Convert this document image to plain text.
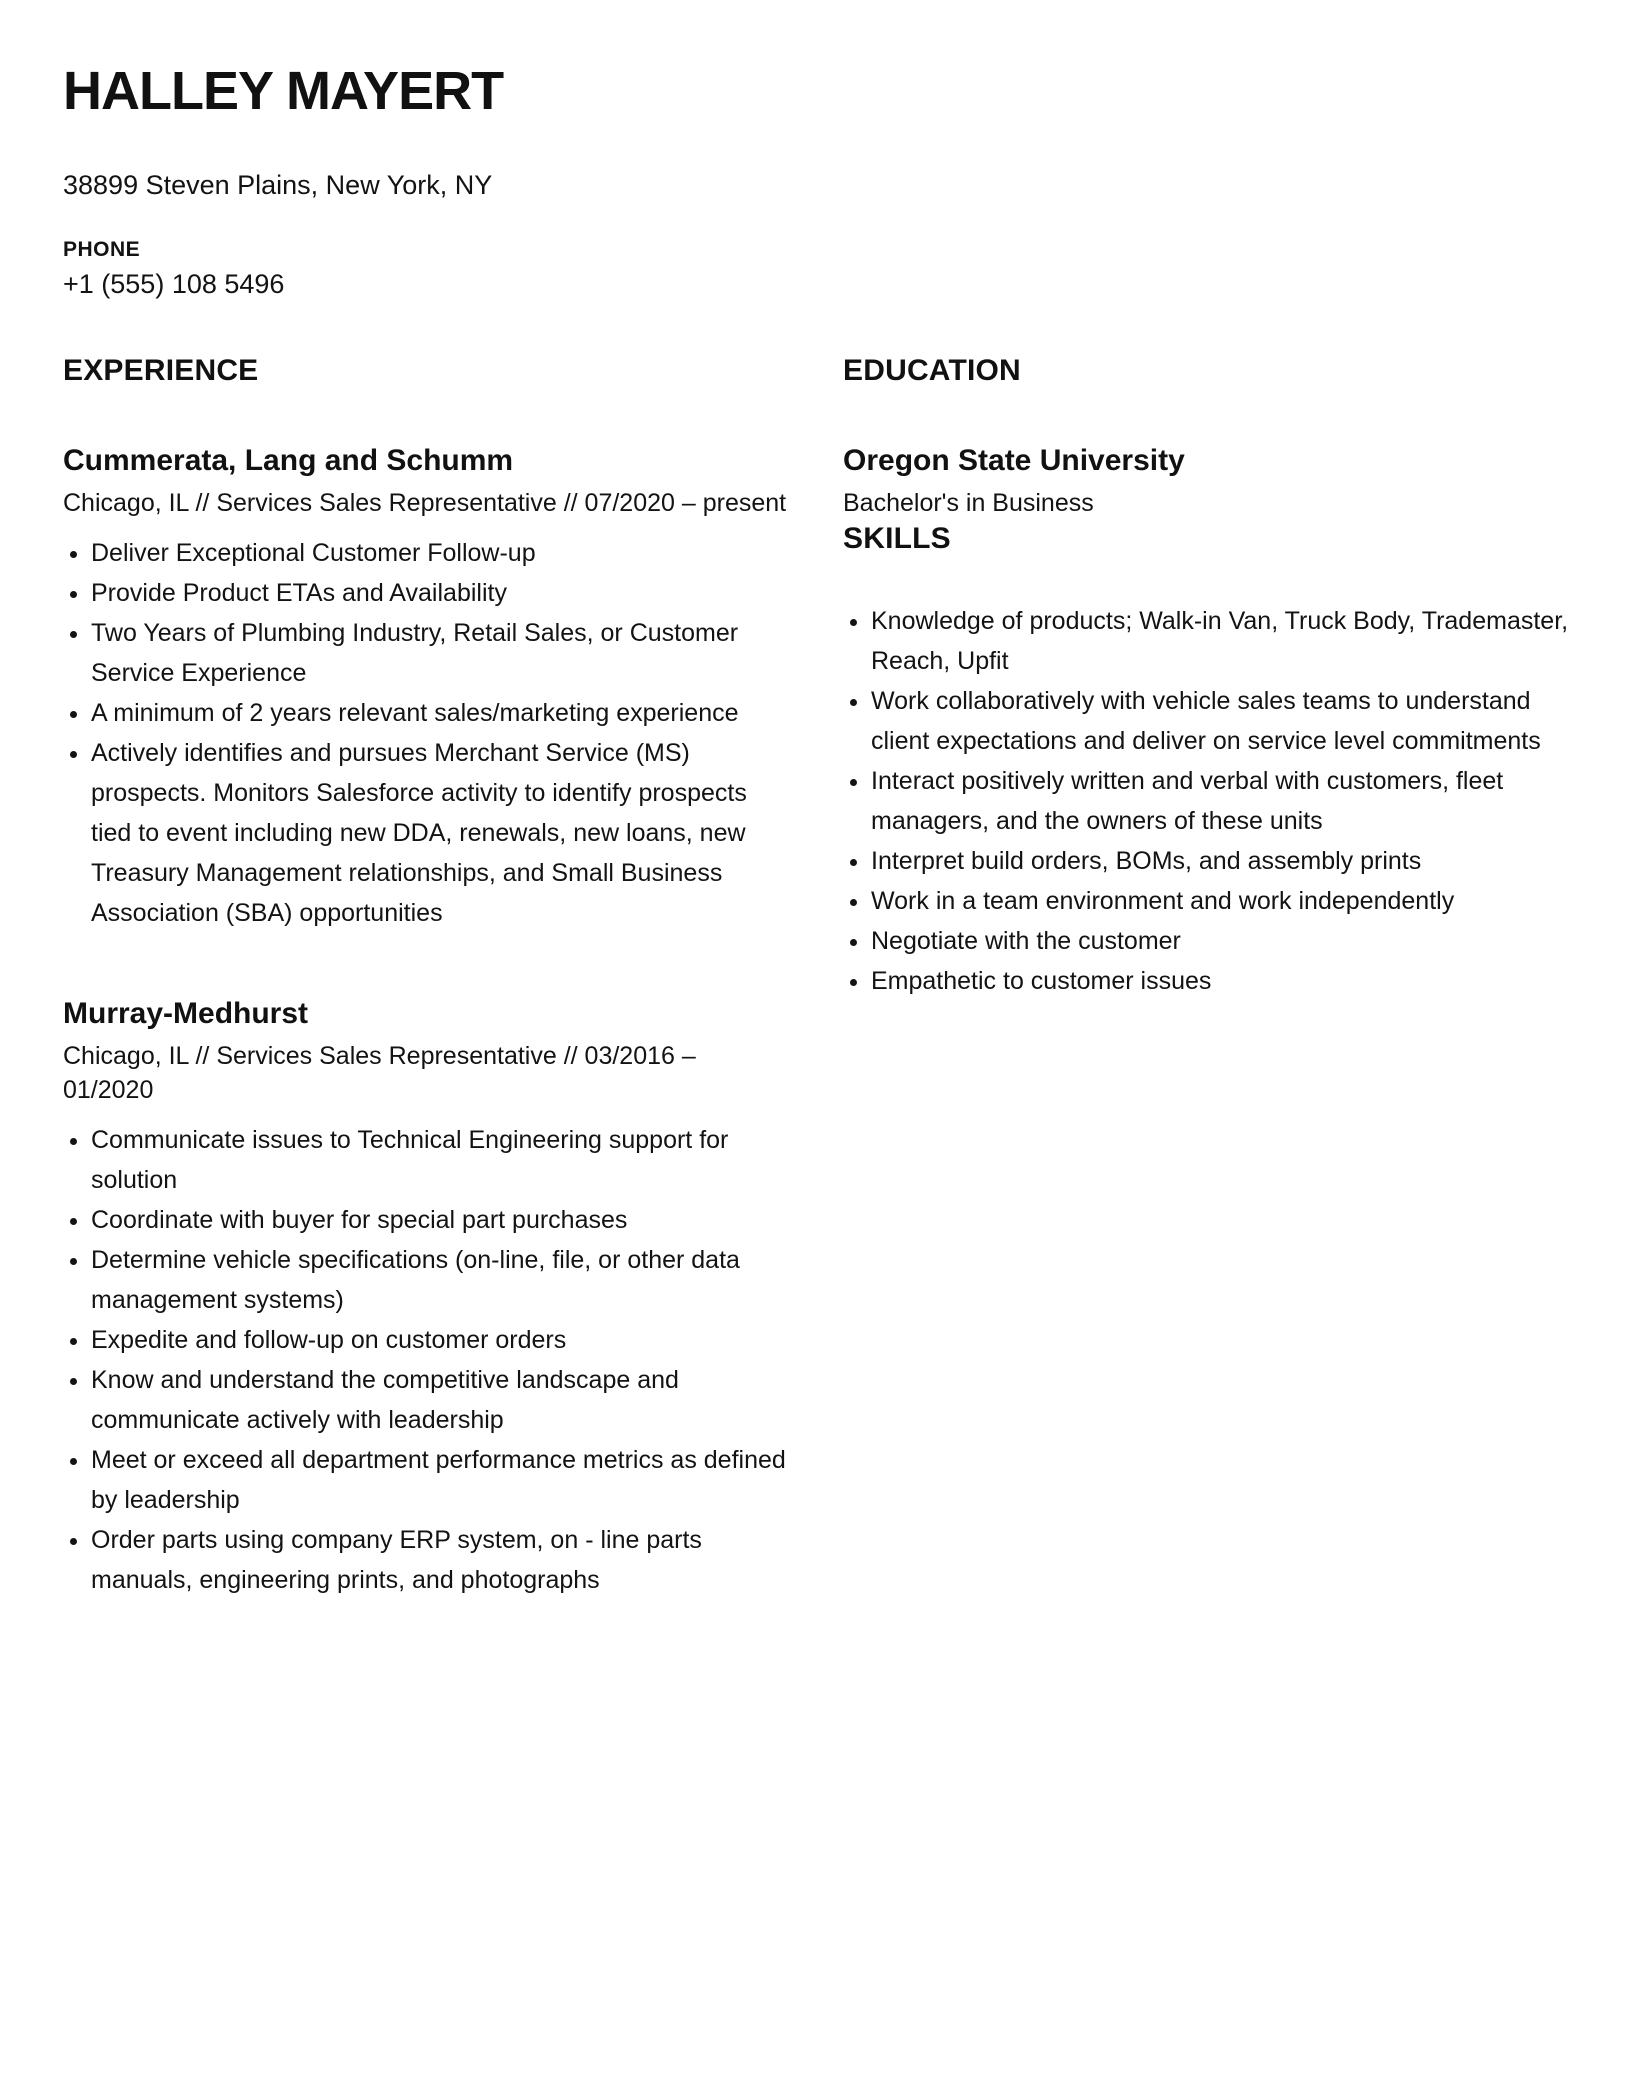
HALLEY MAYERT

38899 Steven Plains, New York, NY

PHONE

+1 (555) 108 5496

EXPERIENCE
Cummerata, Lang and Schumm

Chicago, IL // Services Sales Representative // 07/2020 – present

• Deliver Exceptional Customer Follow-up
• Provide Product ETAs and Availability
• Two Years of Plumbing Industry, Retail Sales, or Customer Service Experience
• A minimum of 2 years relevant sales/marketing experience
• Actively identifies and pursues Merchant Service (MS) prospects. Monitors Salesforce activity to identify prospects tied to event including new DDA, renewals, new loans, new Treasury Management relationships, and Small Business Association (SBA) opportunities
Murray-Medhurst

Chicago, IL // Services Sales Representative // 03/2016 – 01/2020

• Communicate issues to Technical Engineering support for solution
• Coordinate with buyer for special part purchases
• Determine vehicle specifications (on-line, file, or other data management systems)
• Expedite and follow-up on customer orders
• Know and understand the competitive landscape and communicate actively with leadership
• Meet or exceed all department performance metrics as defined by leadership
• Order parts using company ERP system, on - line parts manuals, engineering prints, and photographs
EDUCATION
Oregon State University

Bachelor's in Business

SKILLS
• Knowledge of products; Walk-in Van, Truck Body, Trademaster, Reach, Upfit
• Work collaboratively with vehicle sales teams to understand client expectations and deliver on service level commitments
• Interact positively written and verbal with customers, fleet managers, and the owners of these units
• Interpret build orders, BOMs, and assembly prints
• Work in a team environment and work independently
• Negotiate with the customer
• Empathetic to customer issues
